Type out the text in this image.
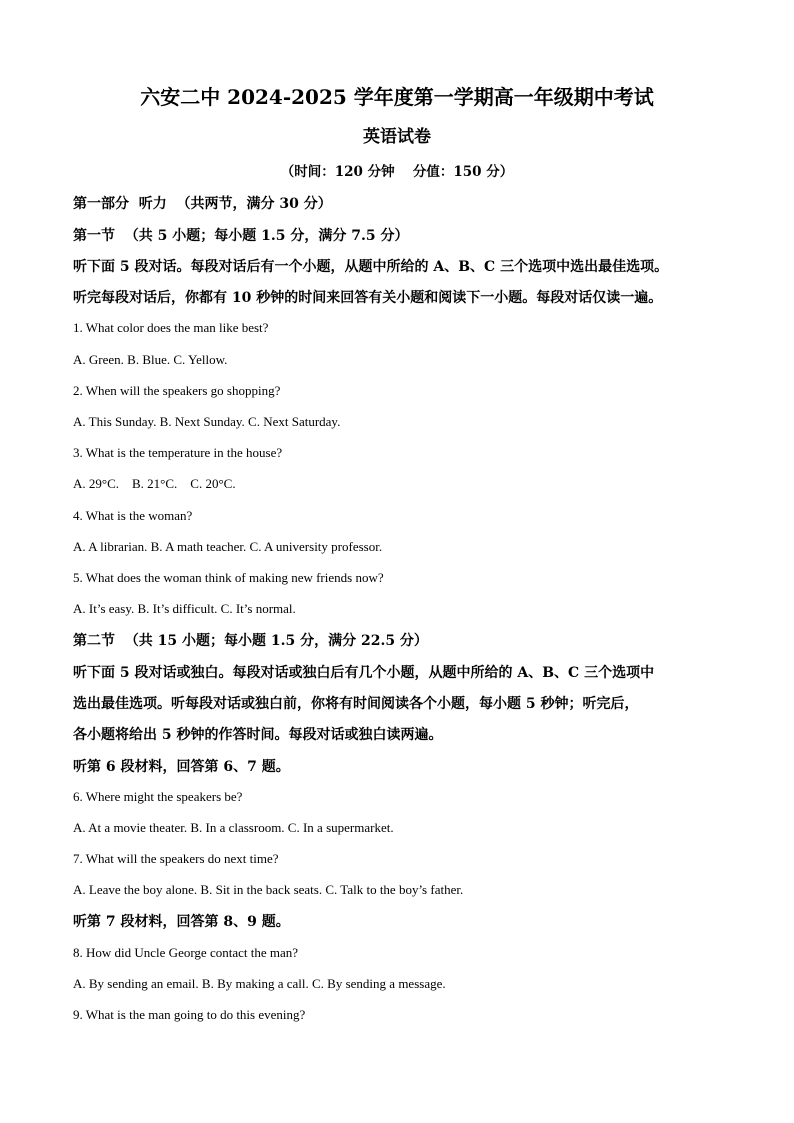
六安二中 2024-2025 学年度第一学期高一年级期中考试
英语试卷
（时间：120 分钟　 分值：150 分）
第一部分  听力  （共两节，满分 30 分）
第一节  （共 5 小题；每小题 1.5 分，满分 7.5 分）
听下面 5 段对话。每段对话后有一个小题，从题中所给的 A、B、C 三个选项中选出最佳选项。
听完每段对话后，你都有 10 秒钟的时间来回答有关小题和阅读下一小题。每段对话仅读一遍。
1. What color does the man like best?
A. Green. B. Blue. C. Yellow.
2. When will the speakers go shopping?
A. This Sunday. B. Next Sunday. C. Next Saturday.
3. What is the temperature in the house?
A. 29°C.    B. 21°C.    C. 20°C.
4. What is the woman?
A. A librarian. B. A math teacher. C. A university professor.
5. What does the woman think of making new friends now?
A. It’s easy. B. It’s difficult. C. It’s normal.
第二节  （共 15 小题；每小题 1.5 分，满分 22.5 分）
听下面 5 段对话或独白。每段对话或独白后有几个小题，从题中所给的 A、B、C 三个选项中
选出最佳选项。听每段对话或独白前，你将有时间阅读各个小题，每小题 5 秒钟；听完后，
各小题将给出 5 秒钟的作答时间。每段对话或独白读两遍。
听第 6 段材料，回答第 6、7 题。
6. Where might the speakers be?
A. At a movie theater. B. In a classroom. C. In a supermarket.
7. What will the speakers do next time?
A. Leave the boy alone. B. Sit in the back seats. C. Talk to the boy’s father.
听第 7 段材料，回答第 8、9 题。
8. How did Uncle George contact the man?
A. By sending an email. B. By making a call. C. By sending a message.
9. What is the man going to do this evening?
